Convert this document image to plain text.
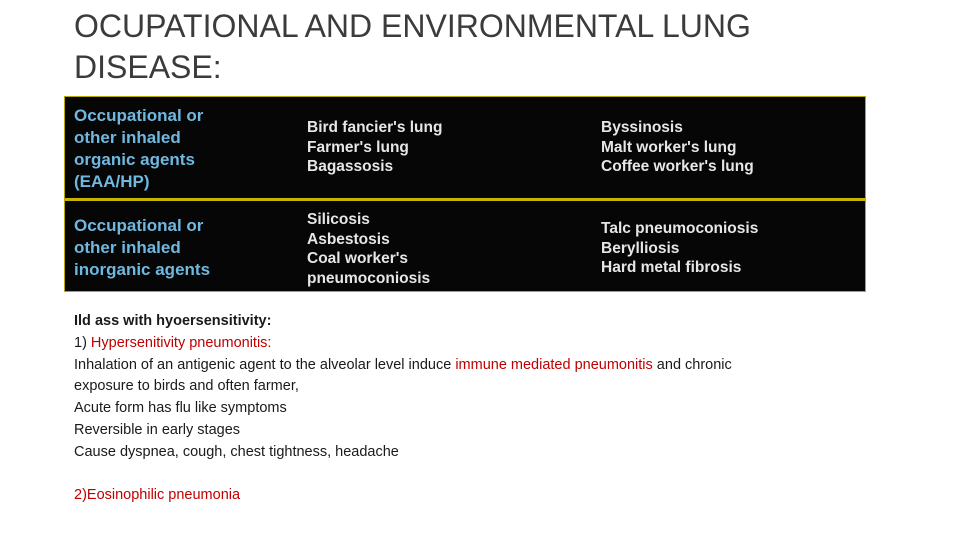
OCUPATIONAL AND ENVIRONMENTAL LUNG
DISEASE:
Occupational or
other inhaled
organic agents
(EAA/HP)
Bird fancier's lung
Farmer's lung
Bagassosis
Byssinosis
Malt worker's lung
Coffee worker's lung
Occupational or
other inhaled
inorganic agents
Silicosis
Asbestosis
Coal worker's
pneumoconiosis
Talc pneumoconiosis
Berylliosis
Hard metal fibrosis
Ild ass with hyoersensitivity:
1) Hypersenitivity pneumonitis:
Inhalation of an antigenic agent to the alveolar level induce immune mediated pneumonitis and chronic
exposure to birds and often farmer,
Acute form has flu like symptoms
Reversible in early stages
Cause dyspnea, cough, chest tightness, headache
2)Eosinophilic pneumonia
